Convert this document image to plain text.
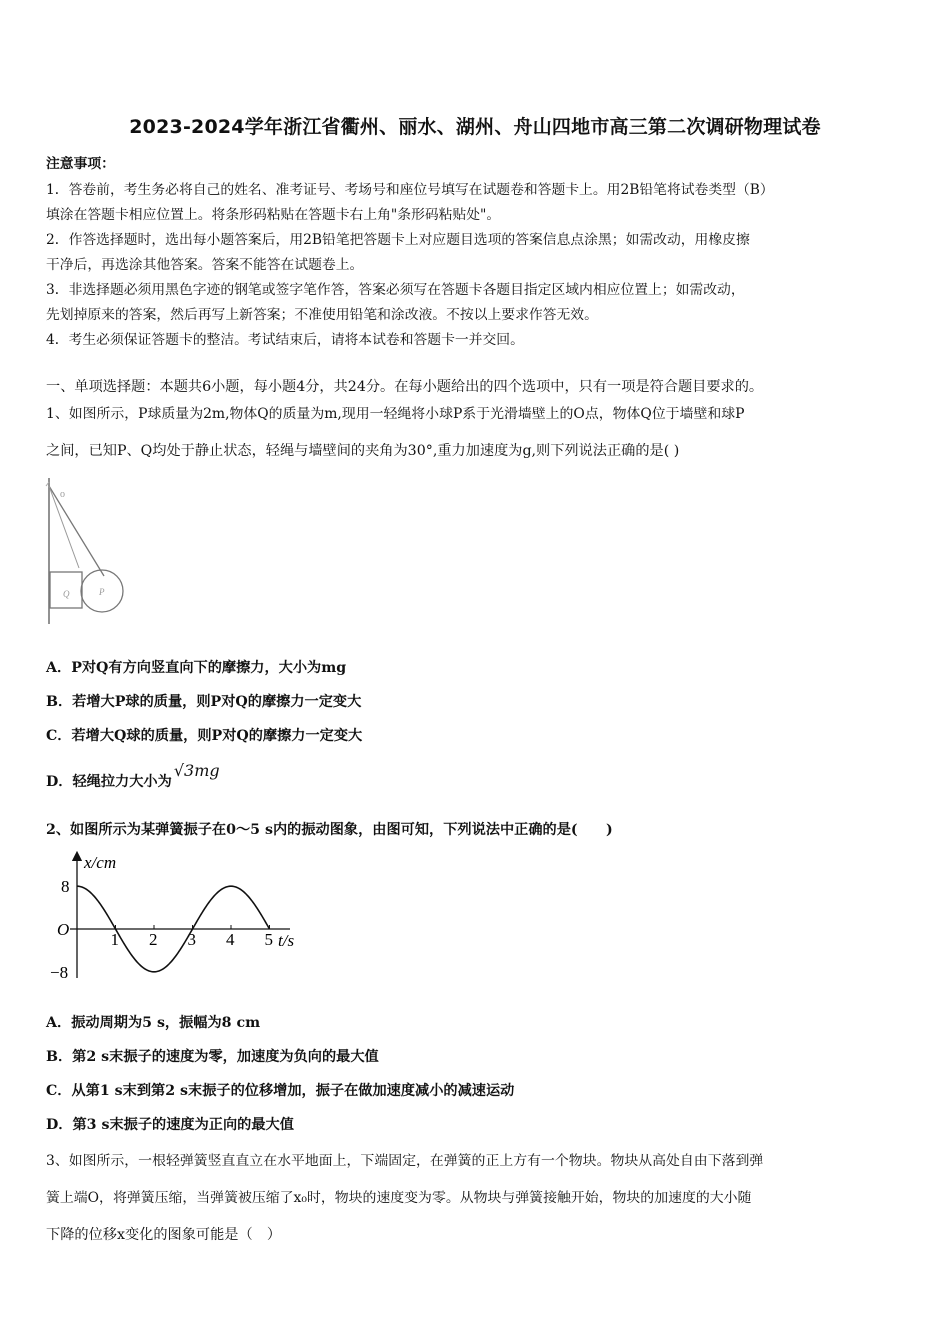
2023-2024学年浙江省衢州、丽水、湖州、舟山四地市高三第二次调研物理试卷
注意事项：
1．答卷前，考生务必将自己的姓名、准考证号、考场号和座位号填写在试题卷和答题卡上。用2B铅笔将试卷类型（B）
填涂在答题卡相应位置上。将条形码粘贴在答题卡右上角"条形码粘贴处"。
2．作答选择题时，选出每小题答案后，用2B铅笔把答题卡上对应题目选项的答案信息点涂黑；如需改动，用橡皮擦
干净后，再选涂其他答案。答案不能答在试题卷上。
3．非选择题必须用黑色字迹的钢笔或签字笔作答，答案必须写在答题卡各题目指定区域内相应位置上；如需改动，
先划掉原来的答案，然后再写上新答案；不准使用铅笔和涂改液。不按以上要求作答无效。
4．考生必须保证答题卡的整洁。考试结束后，请将本试卷和答题卡一并交回。
一、单项选择题：本题共6小题，每小题4分，共24分。在每小题给出的四个选项中，只有一项是符合题目要求的。
1、如图所示，P球质量为2m,物体Q的质量为m,现用一轻绳将小球P系于光滑墙壁上的O点，物体Q位于墙壁和球P
之间，已知P、Q均处于静止状态，轻绳与墙壁间的夹角为30°,重力加速度为g,则下列说法正确的是( )
o
Q	P
A．P对Q有方向竖直向下的摩擦力，大小为mg
B．若增大P球的质量，则P对Q的摩擦力一定变大
C．若增大Q球的质量，则P对Q的摩擦力一定变大
D．轻绳拉力大小为√3mg
2、如图所示为某弹簧振子在0～5 s内的振动图象，由图可知，下列说法中正确的是(　　)
x/cm
t/s
1 2 3 4 5
8
O
−8
A．振动周期为5 s，振幅为8 cm
B．第2 s末振子的速度为零，加速度为负向的最大值
C．从第1 s末到第2 s末振子的位移增加，振子在做加速度减小的减速运动
D．第3 s末振子的速度为正向的最大值
3、如图所示，一根轻弹簧竖直直立在水平地面上，下端固定，在弹簧的正上方有一个物块。物块从高处自由下落到弹
簧上端O，将弹簧压缩，当弹簧被压缩了x₀时，物块的速度变为零。从物块与弹簧接触开始，物块的加速度的大小随
下降的位移x变化的图象可能是（　）
